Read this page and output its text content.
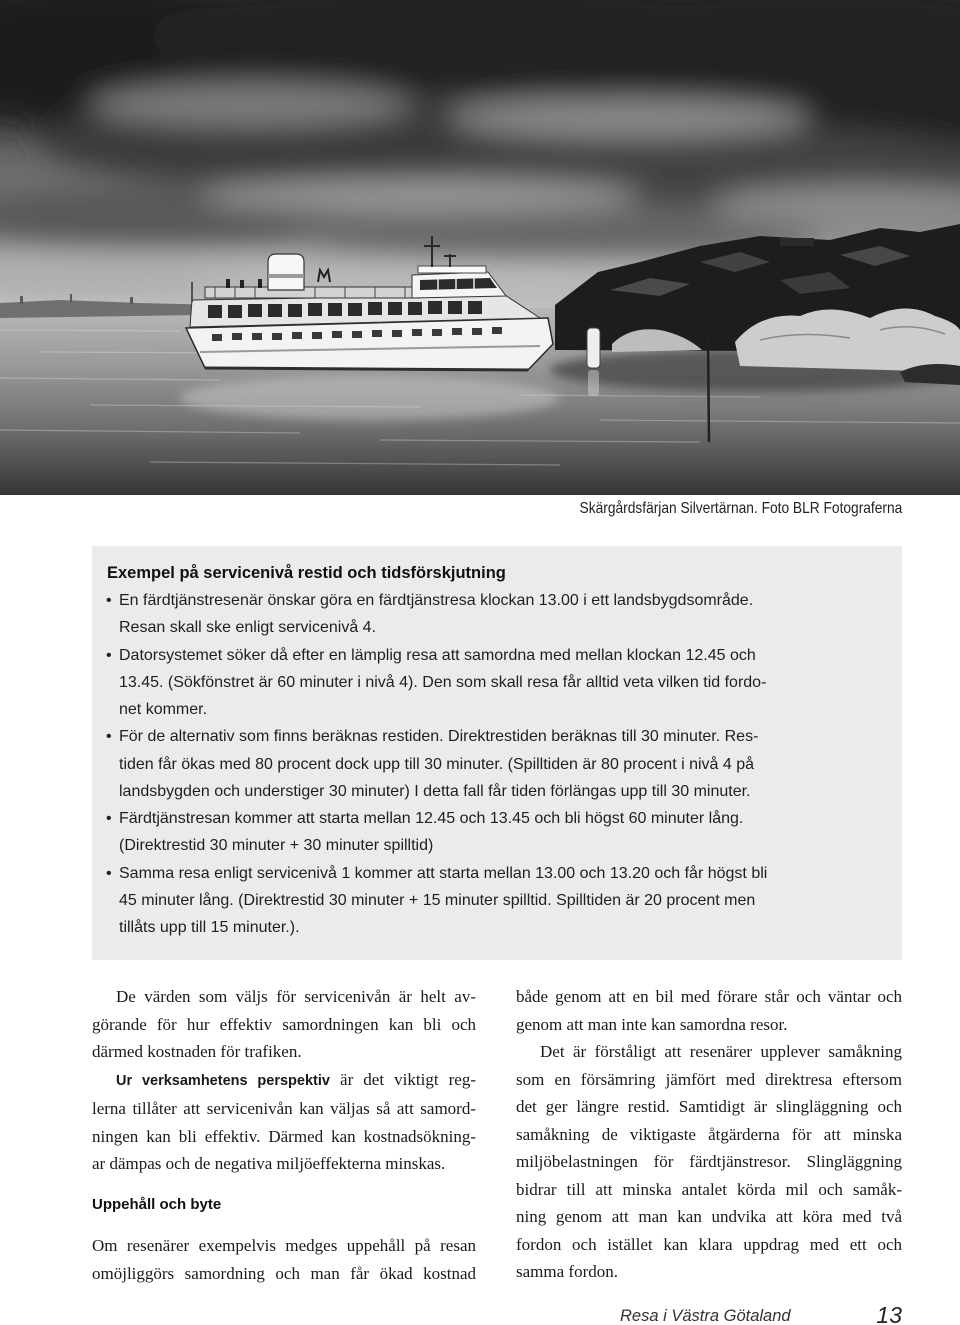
Skärgårdsfärjan Silvertärnan. Foto BLR Fotograferna
Exempel på servicenivå restid och tidsförskjutning
• En färdtjänstresenär önskar göra en färdtjänstresa klockan 13.00 i ett landsbygdsområde.
Resan skall ske enligt servicenivå 4.
• Datorsystemet söker då efter en lämplig resa att samordna med mellan klockan 12.45 och
13.45. (Sökfönstret är 60 minuter i nivå 4). Den som skall resa får alltid veta vilken tid fordo-
net kommer.
• För de alternativ som finns beräknas restiden. Direktrestiden beräknas till 30 minuter. Res-
tiden får ökas med 80 procent dock upp till 30 minuter. (Spilltiden är 80 procent i nivå 4 på
landsbygden och understiger 30 minuter) I detta fall får tiden förlängas upp till 30 minuter.
• Färdtjänstresan kommer att starta mellan 12.45 och 13.45 och bli högst 60 minuter lång.
(Direktrestid 30 minuter + 30 minuter spilltid)
• Samma resa enligt servicenivå 1 kommer att starta mellan 13.00 och 13.20 och får högst bli
45 minuter lång. (Direktrestid 30 minuter + 15 minuter spilltid. Spilltiden är 20 procent men
tillåts upp till 15 minuter.).
De värden som väljs för servicenivån är helt av-
görande för hur effektiv samordningen kan bli och
därmed kostnaden för trafiken.
Ur verksamhetens perspektiv är det viktigt reg-
lerna tillåter att servicenivån kan väljas så att samord-
ningen kan bli effektiv. Därmed kan kostnadsökning-
ar dämpas och de negativa miljöeffekterna minskas.
Uppehåll och byte
Om resenärer exempelvis medges uppehåll på resan
omöjliggörs samordning och man får ökad kostnad
både genom att en bil med förare står och väntar och
genom att man inte kan samordna resor.
Det är förståligt att resenärer upplever samåkning
som en försämring jämfört med direktresa eftersom
det ger längre restid. Samtidigt är slingläggning och
samåkning de viktigaste åtgärderna för att minska
miljöbelastningen för färdtjänstresor. Slingläggning
bidrar till att minska antalet körda mil och samåk-
ning genom att man kan undvika att köra med två
fordon och istället kan klara uppdrag med ett och
samma fordon.
Resa i Västra Götaland	13
